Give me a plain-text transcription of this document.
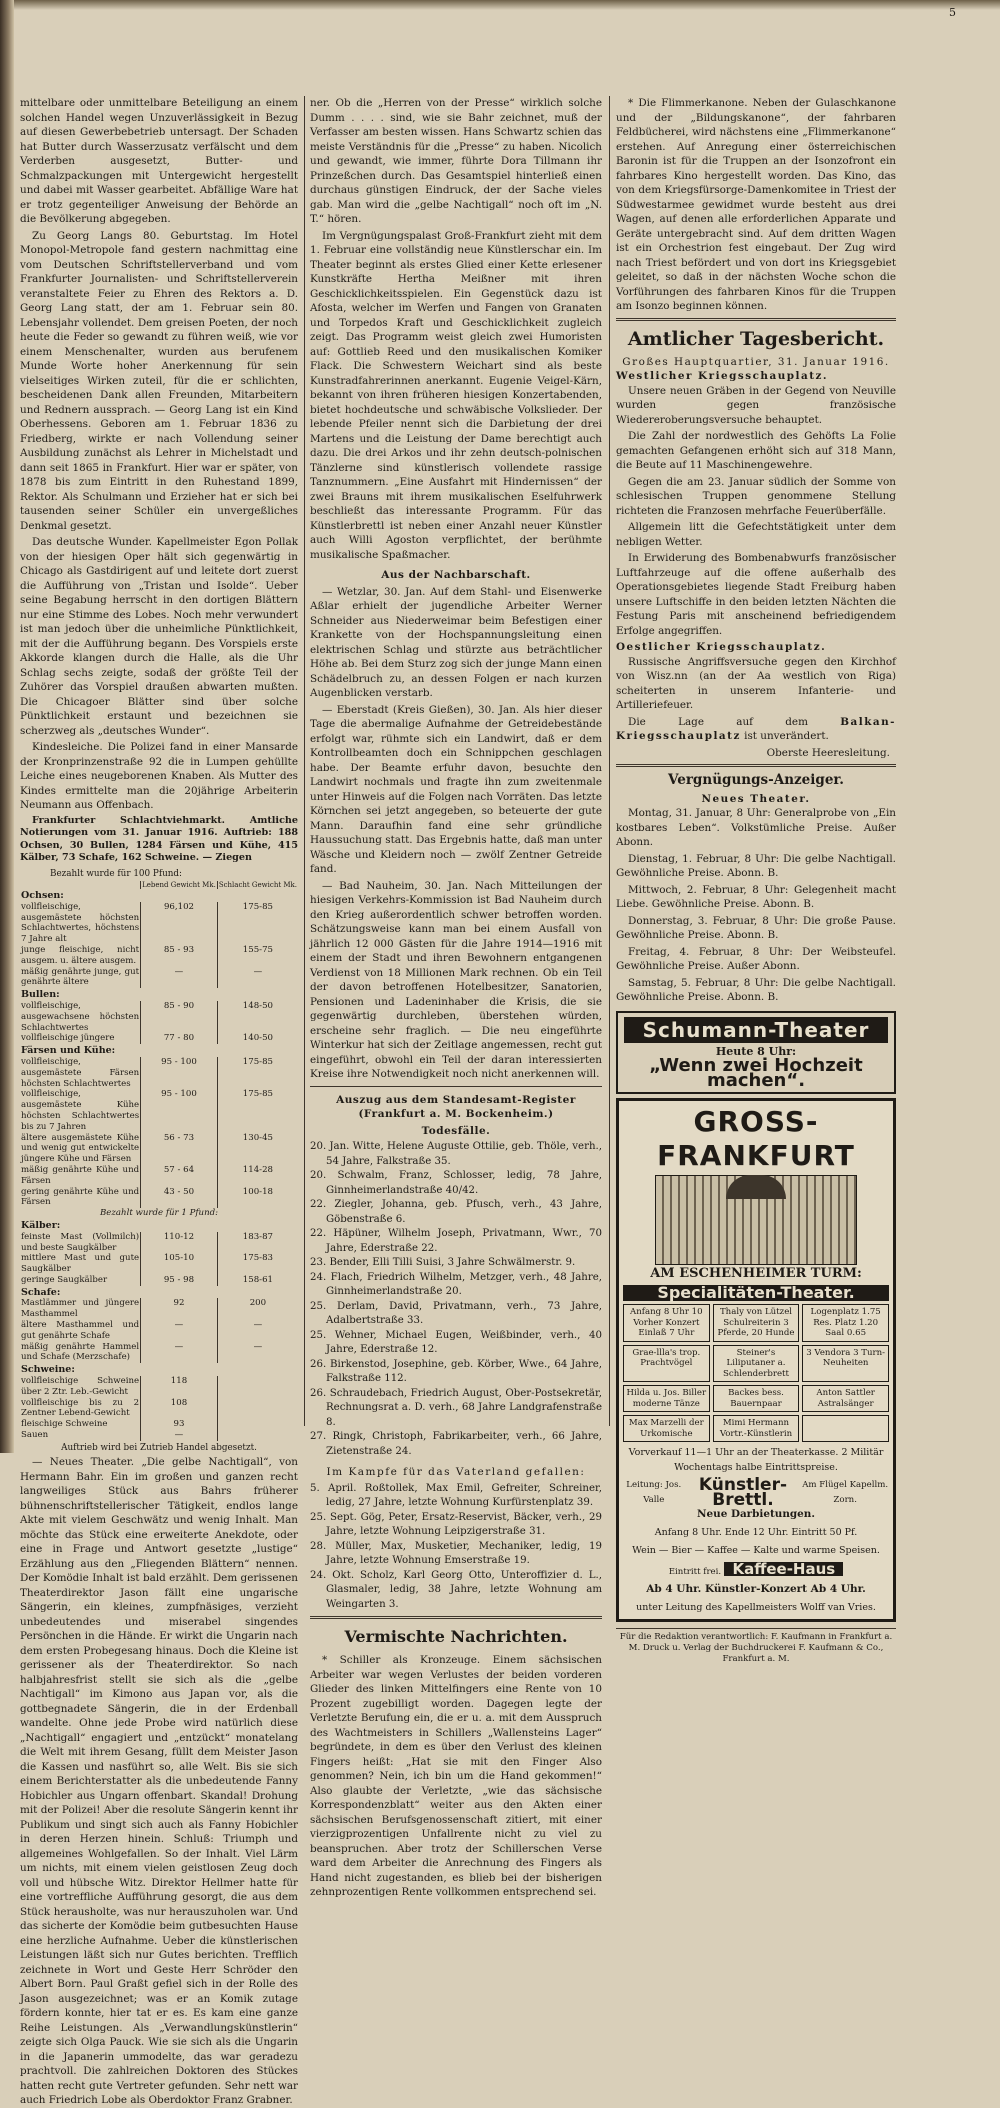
5

mittelbare oder unmittelbare Beteiligung an einem solchen Handel wegen Unzuverlässigkeit in Bezug auf diesen Gewerbebetrieb untersagt. Der Schaden hat Butter durch Wasserzusatz verfälscht und dem Verderben ausgesetzt, Butter- und Schmalzpackungen mit Untergewicht hergestellt und dabei mit Wasser gearbeitet. Abfällige Ware hat er trotz gegenteiliger Anweisung der Behörde an die Bevölkerung abgegeben.

Zu Georg Langs 80. Geburtstag. Im Hotel Monopol-Metropole fand gestern nachmittag eine vom Deutschen Schriftstellerverband und vom Frankfurter Journalisten- und Schriftstellerverein veranstaltete Feier zu Ehren des Rektors a. D. Georg Lang statt, der am 1. Februar sein 80. Lebensjahr vollendet. Dem greisen Poeten, der noch heute die Feder so gewandt zu führen weiß, wie vor einem Menschenalter, wurden aus berufenem Munde Worte hoher Anerkennung für sein vielseitiges Wirken zuteil, für die er schlichten, bescheidenen Dank allen Freunden, Mitarbeitern und Rednern aussprach. — Georg Lang ist ein Kind Oberhessens. Geboren am 1. Februar 1836 zu Friedberg, wirkte er nach Vollendung seiner Ausbildung zunächst als Lehrer in Michelstadt und dann seit 1865 in Frankfurt. Hier war er später, von 1878 bis zum Eintritt in den Ruhestand 1899, Rektor. Als Schulmann und Erzieher hat er sich bei tausenden seiner Schüler ein unvergeßliches Denkmal gesetzt.

Das deutsche Wunder. Kapellmeister Egon Pollak von der hiesigen Oper hält sich gegenwärtig in Chicago als Gastdirigent auf und leitete dort zuerst die Aufführung von „Tristan und Isolde“. Ueber seine Begabung herrscht in den dortigen Blättern nur eine Stimme des Lobes. Noch mehr verwundert ist man jedoch über die unheimliche Pünktlichkeit, mit der die Aufführung begann. Des Vorspiels erste Akkorde klangen durch die Halle, als die Uhr Schlag sechs zeigte, sodaß der größte Teil der Zuhörer das Vorspiel draußen abwarten mußten. Die Chicagoer Blätter sind über solche Pünktlichkeit erstaunt und bezeichnen sie scherzweg als „deutsches Wunder“.

Kindesleiche. Die Polizei fand in einer Mansarde der Kronprinzenstraße 92 die in Lumpen gehüllte Leiche eines neugeborenen Knaben. Als Mutter des Kindes ermittelte man die 20jährige Arbeiterin Neumann aus Offenbach.

Frankfurter Schlachtviehmarkt. Amtliche Notierungen vom 31. Januar 1916. Auftrieb: 188 Ochsen, 30 Bullen, 1284 Färsen und Kühe, 415 Kälber, 73 Schafe, 162 Schweine. — Ziegen

Bezahlt wurde für 100 Pfund:
	Lebend Gewicht Mk.	Schlacht Gewicht Mk.
Ochsen:		
vollfleischige, ausgemästete höchsten Schlachtwertes, höchstens 7 Jahre alt	96,102	175-85
junge fleischige, nicht ausgem. u. ältere ausgem.	85 - 93	155-75
mäßig genährte junge, gut genährte ältere	—	—
Bullen:		
vollfleischige, ausgewachsene höchsten Schlachtwertes	85 - 90	148-50
vollfleischige jüngere	77 - 80	140-50
Färsen und Kühe:		
vollfleischige, ausgemästete Färsen höchsten Schlachtwertes	95 - 100	175-85
vollfleischige, ausgemästete Kühe höchsten Schlachtwertes bis zu 7 Jahren	95 - 100	175-85
ältere ausgemästete Kühe und wenig gut entwickelte jüngere Kühe und Färsen	56 - 73	130-45
mäßig genährte Kühe und Färsen	57 - 64	114-28
gering genährte Kühe und Färsen	43 - 50	100-18
Bezahlt wurde für 1 Pfund:		
Kälber:		
feinste Mast (Vollmilch) und beste Saugkälber	110-12	183-87
mittlere Mast und gute Saugkälber	105-10	175-83
geringe Saugkälber	95 - 98	158-61
Schafe:		
Mastlämmer und jüngere Masthammel	92	200
ältere Masthammel und gut genährte Schafe	—	—
mäßig genährte Hammel und Schafe (Merzschafe)	—	—
Schweine:		
vollfleischige Schweine über 2 Ztr. Leb.-Gewicht	118	
vollfleischige bis zu 2 Zentner Lebend-Gewicht	108	
fleischige Schweine	93	
Sauen	—	
Auftrieb wird bei Zutrieb Handel abgesetzt.

— Neues Theater. „Die gelbe Nachtigall“, von Hermann Bahr. Ein im großen und ganzen recht langweiliges Stück aus Bahrs früherer bühnenschriftstellerischer Tätigkeit, endlos lange Akte mit vielem Geschwätz und wenig Inhalt. Man möchte das Stück eine erweiterte Anekdote, oder eine in Frage und Antwort gesetzte „lustige“ Erzählung aus den „Fliegenden Blättern“ nennen. Der Komödie Inhalt ist bald erzählt. Dem gerissenen Theaterdirektor Jason fällt eine ungarische Sängerin, ein kleines, zumpfnäsiges, verzieht unbedeutendes und miserabel singendes Persönchen in die Hände. Er wirkt die Ungarin nach dem ersten Probegesang hinaus. Doch die Kleine ist gerissener als der Theaterdirektor. So nach halbjahresfrist stellt sie sich als die „gelbe Nachtigall“ im Kimono aus Japan vor, als die gottbegnadete Sängerin, die in der Erdenball wandelte. Ohne jede Probe wird natürlich diese „Nachtigall“ engagiert und „entzückt“ monatelang die Welt mit ihrem Gesang, füllt dem Meister Jason die Kassen und nasführt so, alle Welt. Bis sie sich einem Berichterstatter als die unbedeutende Fanny Hobichler aus Ungarn offenbart. Skandal! Drohung mit der Polizei! Aber die resolute Sängerin kennt ihr Publikum und singt sich auch als Fanny Hobichler in deren Herzen hinein. Schluß: Triumph und allgemeines Wohlgefallen. So der Inhalt. Viel Lärm um nichts, mit einem vielen geistlosen Zeug doch voll und hübsche Witz. Direktor Hellmer hatte für eine vortreffliche Aufführung gesorgt, die aus dem Stück herausholte, was nur herauszuholen war. Und das sicherte der Komödie beim gutbesuchten Hause eine herzliche Aufnahme. Ueber die künstlerischen Leistungen läßt sich nur Gutes berichten. Trefflich zeichnete in Wort und Geste Herr Schröder den Albert Born. Paul Graßt gefiel sich in der Rolle des Jason ausgezeichnet; was er an Komik zutage fördern konnte, hier tat er es. Es kam eine ganze Reihe Leistungen. Als „Verwandlungskünstlerin“ zeigte sich Olga Pauck. Wie sie sich als die Ungarin in die Japanerin ummodelte, das war geradezu prachtvoll. Die zahlreichen Doktoren des Stückes hatten recht gute Vertreter gefunden. Sehr nett war auch Friedrich Lobe als Oberdoktor Franz Grabner.

ner. Ob die „Herren von der Presse“ wirklich solche Dumm . . . . sind, wie sie Bahr zeichnet, muß der Verfasser am besten wissen. Hans Schwartz schien das meiste Verständnis für die „Presse“ zu haben. Nicolich und gewandt, wie immer, führte Dora Tillmann ihr Prinzeßchen durch. Das Gesamtspiel hinterließ einen durchaus günstigen Eindruck, der der Sache vieles gab. Man wird die „gelbe Nachtigall“ noch oft im „N. T.“ hören.

Im Vergnügungspalast Groß-Frankfurt zieht mit dem 1. Februar eine vollständig neue Künstlerschar ein. Im Theater beginnt als erstes Glied einer Kette erlesener Kunstkräfte Hertha Meißner mit ihren Geschicklichkeitsspielen. Ein Gegenstück dazu ist Afosta, welcher im Werfen und Fangen von Granaten und Torpedos Kraft und Geschicklichkeit zugleich zeigt. Das Programm weist gleich zwei Humoristen auf: Gottlieb Reed und den musikalischen Komiker Flack. Die Schwestern Weichart sind als beste Kunstradfahrerinnen anerkannt. Eugenie Veigel-Kärn, bekannt von ihren früheren hiesigen Konzertabenden, bietet hochdeutsche und schwäbische Volkslieder. Der lebende Pfeiler nennt sich die Darbietung der drei Martens und die Leistung der Dame berechtigt auch dazu. Die drei Arkos und ihr zehn deutsch-polnischen Tänzlerne sind künstlerisch vollendete rassige Tanznummern. „Eine Ausfahrt mit Hindernissen“ der zwei Brauns mit ihrem musikalischen Eselfuhrwerk beschließt das interessante Programm. Für das Künstlerbrettl ist neben einer Anzahl neuer Künstler auch Willi Agoston verpflichtet, der berühmte musikalische Spaßmacher.

Aus der Nachbarschaft.

— Wetzlar, 30. Jan. Auf dem Stahl- und Eisenwerke Aßlar erhielt der jugendliche Arbeiter Werner Schneider aus Niederweimar beim Befestigen einer Krankette von der Hochspannungsleitung einen elektrischen Schlag und stürzte aus beträchtlicher Höhe ab. Bei dem Sturz zog sich der junge Mann einen Schädelbruch zu, an dessen Folgen er nach kurzen Augenblicken verstarb.

— Eberstadt (Kreis Gießen), 30. Jan. Als hier dieser Tage die abermalige Aufnahme der Getreidebestände erfolgt war, rühmte sich ein Landwirt, daß er dem Kontrollbeamten doch ein Schnippchen geschlagen habe. Der Beamte erfuhr davon, besuchte den Landwirt nochmals und fragte ihn zum zweitenmale unter Hinweis auf die Folgen nach Vorräten. Das letzte Körnchen sei jetzt angegeben, so beteuerte der gute Mann. Daraufhin fand eine sehr gründliche Haussuchung statt. Das Ergebnis hatte, daß man unter Wäsche und Kleidern noch — zwölf Zentner Getreide fand.

— Bad Nauheim, 30. Jan. Nach Mitteilungen der hiesigen Verkehrs-Kommission ist Bad Nauheim durch den Krieg außerordentlich schwer betroffen worden. Schätzungsweise kann man bei einem Ausfall von jährlich 12 000 Gästen für die Jahre 1914—1916 mit einem der Stadt und ihren Bewohnern entgangenen Verdienst von 18 Millionen Mark rechnen. Ob ein Teil der davon betroffenen Hotelbesitzer, Sanatorien, Pensionen und Ladeninhaber die Krisis, die sie gegenwärtig durchleben, überstehen würden, erscheine sehr fraglich. — Die neu eingeführte Winterkur hat sich der Zeitlage angemessen, recht gut eingeführt, obwohl ein Teil der daran interessierten Kreise ihre Notwendigkeit noch nicht anerkennen will.

Auszug aus dem Standesamt-Register (Frankfurt a. M. Bockenheim.)
Todesfälle.
20. Jan. Witte, Helene Auguste Ottilie, geb. Thöle, verh., 54 Jahre, Falkstraße 35.
20. Schwalm, Franz, Schlosser, ledig, 78 Jahre, Ginnheimerlandstraße 40/42.
22. Ziegler, Johanna, geb. Pfusch, verh., 43 Jahre, Göbenstraße 6.
22. Häpüner, Wilhelm Joseph, Privatmann, Wwr., 70 Jahre, Ederstraße 22.
23. Bender, Elli Tilli Suisi, 3 Jahre Schwälmerstr. 9.
24. Flach, Friedrich Wilhelm, Metzger, verh., 48 Jahre, Ginnheimerlandstraße 20.
25. Derlam, David, Privatmann, verh., 73 Jahre, Adalbertstraße 33.
25. Wehner, Michael Eugen, Weißbinder, verh., 40 Jahre, Ederstraße 12.
26. Birkenstod, Josephine, geb. Körber, Wwe., 64 Jahre, Falkstraße 112.
26. Schraudebach, Friedrich August, Ober-Postsekretär, Rechnungsrat a. D. verh., 68 Jahre Landgrafenstraße 8.
27. Ringk, Christoph, Fabrikarbeiter, verh., 66 Jahre, Zietenstraße 24.
Im Kampfe für das Vaterland gefallen:
5. April. Roßtollek, Max Emil, Gefreiter, Schreiner, ledig, 27 Jahre, letzte Wohnung Kurfürstenplatz 39.
25. Sept. Gög, Peter, Ersatz-Reservist, Bäcker, verh., 29 Jahre, letzte Wohnung Leipzigerstraße 31.
28. Müller, Max, Musketier, Mechaniker, ledig, 19 Jahre, letzte Wohnung Emserstraße 19.
24. Okt. Scholz, Karl Georg Otto, Unteroffizier d. L., Glasmaler, ledig, 38 Jahre, letzte Wohnung am Weingarten 3.
Vermischte Nachrichten.

* Schiller als Kronzeuge. Einem sächsischen Arbeiter war wegen Verlustes der beiden vorderen Glieder des linken Mittelfingers eine Rente von 10 Prozent zugebilligt worden. Dagegen legte der Verletzte Berufung ein, die er u. a. mit dem Ausspruch des Wachtmeisters in Schillers „Wallensteins Lager“ begründete, in dem es über den Verlust des kleinen Fingers heißt: „Hat sie mit den Finger Also genommen? Nein, ich bin um die Hand gekommen!“ Also glaubte der Verletzte, „wie das sächsische Korrespondenzblatt“ weiter aus den Akten einer sächsischen Berufsgenossenschaft zitiert, mit einer vierzigprozentigen Unfallrente nicht zu viel zu beanspruchen. Aber trotz der Schillerschen Verse ward dem Arbeiter die Anrechnung des Fingers als Hand nicht zugestanden, es blieb bei der bisherigen zehnprozentigen Rente vollkommen entsprechend sei.

* Die Flimmerkanone. Neben der Gulaschkanone und der „Bildungskanone“, der fahrbaren Feldbücherei, wird nächstens eine „Flimmerkanone“ erstehen. Auf Anregung einer österreichischen Baronin ist für die Truppen an der Isonzofront ein fahrbares Kino hergestellt worden. Das Kino, das von dem Kriegsfürsorge-Damenkomitee in Triest der Südwestarmee gewidmet wurde besteht aus drei Wagen, auf denen alle erforderlichen Apparate und Geräte untergebracht sind. Auf dem dritten Wagen ist ein Orchestrion fest eingebaut. Der Zug wird nach Triest befördert und von dort ins Kriegsgebiet geleitet, so daß in der nächsten Woche schon die Vorführungen des fahrbaren Kinos für die Truppen am Isonzo beginnen können.

Amtlicher Tagesbericht.
Großes Hauptquartier, 31. Januar 1916.
Westlicher Kriegsschauplatz.

Unsere neuen Gräben in der Gegend von Neuville wurden gegen französische Wiedereroberungsversuche behauptet.

Die Zahl der nordwestlich des Gehöfts La Folie gemachten Gefangenen erhöht sich auf 318 Mann, die Beute auf 11 Maschinengewehre.

Gegen die am 23. Januar südlich der Somme von schlesischen Truppen genommene Stellung richteten die Franzosen mehrfache Feuerüberfälle.

Allgemein litt die Gefechtstätigkeit unter dem nebligen Wetter.

In Erwiderung des Bombenabwurfs französischer Luftfahrzeuge auf die offene außerhalb des Operationsgebietes liegende Stadt Freiburg haben unsere Luftschiffe in den beiden letzten Nächten die Festung Paris mit anscheinend befriedigendem Erfolge angegriffen.

Oestlicher Kriegsschauplatz.

Russische Angriffsversuche gegen den Kirchhof von Wisz.nn (an der Aa westlich von Riga) scheiterten in unserem Infanterie- und Artilleriefeuer.

Die Lage auf dem	Balkan-Kriegsschauplatz ist unverändert.

Oberste Heeresleitung.
Vergnügungs-Anzeiger.
Neues Theater.

Montag, 31. Januar, 8 Uhr: Generalprobe von „Ein kostbares Leben“. Volkstümliche Preise. Außer Abonn.

Dienstag, 1. Februar, 8 Uhr: Die gelbe Nachtigall. Gewöhnliche Preise. Abonn. B.

Mittwoch, 2. Februar, 8 Uhr: Gelegenheit macht Liebe. Gewöhnliche Preise. Abonn. B.

Donnerstag, 3. Februar, 8 Uhr: Die große Pause. Gewöhnliche Preise. Abonn. B.

Freitag, 4. Februar, 8 Uhr: Der Weibsteufel. Gewöhnliche Preise. Außer Abonn.

Samstag, 5. Februar, 8 Uhr: Die gelbe Nachtigall. Gewöhnliche Preise. Abonn. B.

Schumann-Theater
Heute 8 Uhr:
„Wenn zwei Hochzeit machen“.
GROSS-FRANKFURT
AM ESCHENHEIMER TURM:
Specialitäten-Theater.
Anfang 8 Uhr 10 Vorher Konzert Einlaß 7 Uhr
Thaly von Lützel Schulreiterin 3 Pferde, 20 Hunde
Logenplatz 1.75 Res. Platz 1.20 Saal 0.65
Grae-llla's trop. Prachtvögel
Steiner's Liliputaner a. Schlenderbrett
3 Vendora 3 Turn-Neuheiten
Hilda u. Jos. Biller moderne Tänze
Backes bess. Bauernpaar
Anton Sattler Astralsänger
Max Marzelli der Urkomische
Mimi Hermann Vortr.-Künstlerin
Vorverkauf 11—1 Uhr an der Theaterkasse. 2 Militär Wochentags halbe Eintrittspreise.
Leitung: Jos. Valle
Künstler-Brettl.
Am Flügel Kapellm. Zorn.
Neue Darbietungen.
Anfang 8 Uhr. Ende 12 Uhr. Eintritt 50 Pf.
Wein — Bier — Kaffee — Kalte und warme Speisen.
Eintritt frei. Kaffee-Haus
Ab 4 Uhr. Künstler-Konzert Ab 4 Uhr.
unter Leitung des Kapellmeisters Wolff van Vries.
Für die Redaktion verantwortlich: F. Kaufmann in Frankfurt a. M. Druck u. Verlag der Buchdruckerei F. Kaufmann & Co., Frankfurt a. M.
